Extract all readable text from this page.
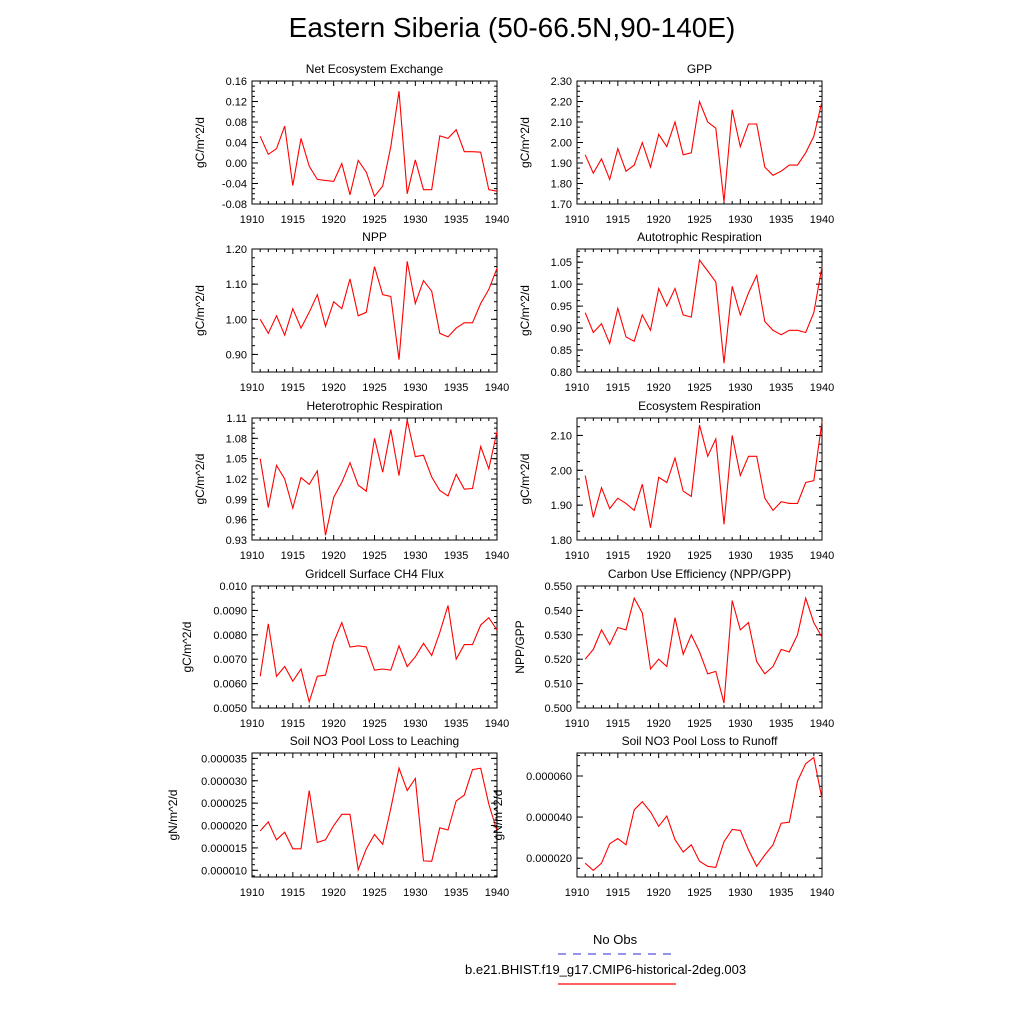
Eastern Siberia (50-66.5N,90-140E)
Net Ecosystem Exchange
1910 1915 1920 1925 1930 1935 1940
-0.08
-0.04
0.00
0.04
0.08
0.12
0.16
gC/m^2/d
GPP
1910 1915 1920 1925 1930 1935 1940
1.70
1.80
1.90
2.00
2.10
2.20
2.30
gC/m^2/d
NPP
1910 1915 1920 1925 1930 1935 1940
0.90
1.00
1.10
1.20
gC/m^2/d
Autotrophic Respiration
1910 1915 1920 1925 1930 1935 1940
0.80
0.85
0.90
0.95
1.00
1.05
gC/m^2/d
Heterotrophic Respiration
1910 1915 1920 1925 1930 1935 1940
0.93
0.96
0.99
1.02
1.05
1.08
1.11
gC/m^2/d
Ecosystem Respiration
1910 1915 1920 1925 1930 1935 1940
1.80
1.90
2.00
2.10
gC/m^2/d
Gridcell Surface CH4 Flux
1910 1915 1920 1925 1930 1935 1940
0.0050
0.0060
0.0070
0.0080
0.0090
0.010
gC/m^2/d
Carbon Use Efficiency (NPP/GPP)
1910 1915 1920 1925 1930 1935 1940
0.500
0.510
0.520
0.530
0.540
0.550
NPP/GPP
Soil NO3 Pool Loss to Leaching
1910 1915 1920 1925 1930 1935 1940
0.000010
0.000015
0.000020
0.000025
0.000030
0.000035
gN/m^2/d
Soil NO3 Pool Loss to Runoff
1910 1915 1920 1925 1930 1935 1940
0.000020
0.000040
0.000060
gN/m^2/d
No Obs
b.e21.BHIST.f19_g17.CMIP6-historical-2deg.003
